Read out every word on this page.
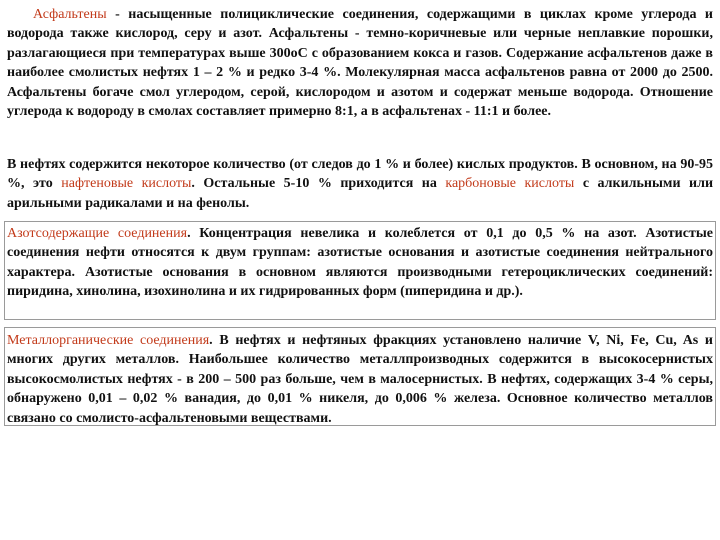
Асфальтены - насыщенные полициклические соединения, содержащими в циклах кроме углерода и водорода также кислород, серу и азот. Асфальтены - темно-коричневые или черные неплавкие порошки, разлагающиеся при температурах выше 300oC с образованием кокса и газов. Содержание асфальтенов даже в наиболее смолистых нефтях 1 – 2 % и редко 3-4 %. Молекулярная масса асфальтенов равна от 2000 до 2500. Асфальтены богаче смол углеродом, серой, кислородом и азотом и содержат меньше водорода. Отношение углерода к водороду в смолах составляет примерно 8:1, а в асфальтенах - 11:1 и более.

В нефтях содержится некоторое количество (от следов до 1 % и более) кислых продуктов. В основном, на 90-95 %, это нафтеновые кислоты. Остальные 5-10 % приходится на карбоновые кислоты с алкильными или арильными радикалами и на фенолы.

Азотсодержащие соединения. Концентрация невелика и колеблется от 0,1 до 0,5 % на азот. Азотистые соединения нефти относятся к двум группам: азотистые основания и азотистые соединения нейтрального характера. Азотистые основания в основном являются производными гетероциклических соединений: пиридина, хинолина, изохинолина и их гидрированных форм (пиперидина и др.).

Металлорганические соединения. В нефтях и нефтяных фракциях установлено наличие V, Ni, Fe, Cu, As и многих других металлов. Наибольшее количество металлпроизводных содержится в высокосернистых высокосмолистых нефтях - в 200 – 500 раз больше, чем в малосернистых. В нефтях, содержащих 3-4 % серы, обнаружено 0,01 – 0,02 % ванадия, до 0,01 % никеля, до 0,006 % железа. Основное количество металлов связано со смолисто-асфальтеновыми веществами.
